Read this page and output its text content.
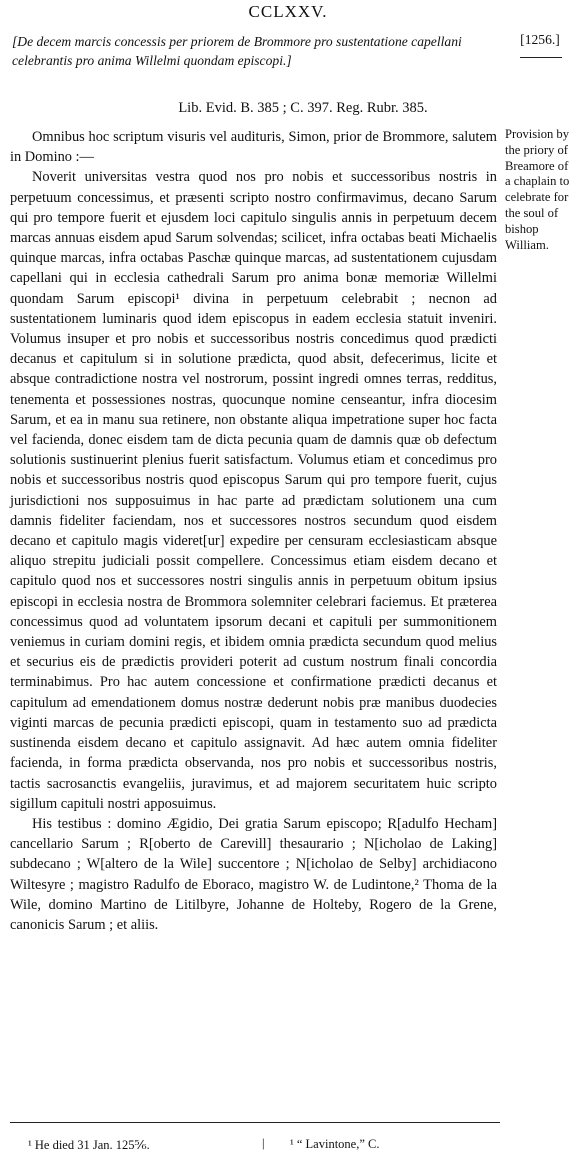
CCLXXV.
[De decem marcis concessis per priorem de Brommore pro sustentatione capellani celebrantis pro anima Willelmi quondam episcopi.]
[1256.]
Lib. Evid. B. 385 ; C. 397. Reg. Rubr. 385.

Omnibus hoc scriptum visuris vel audituris, Simon, prior de Brommore, salutem in Domino :—

Noverit universitas vestra quod nos pro nobis et successoribus nostris in perpetuum concessimus, et præsenti scripto nostro confirmavimus, decano Sarum qui pro tempore fuerit et ejusdem loci capitulo singulis annis in perpetuum decem marcas annuas eisdem apud Sarum solvendas; scilicet, infra octabas beati Michaelis quinque marcas, infra octabas Paschæ quinque marcas, ad sustentationem cujusdam capellani qui in ecclesia cathedrali Sarum pro anima bonæ memoriæ Willelmi quondam Sarum episcopi¹ divina in perpetuum celebrabit ; necnon ad sustentationem luminaris quod idem episcopus in eadem ecclesia statuit inveniri. Volumus insuper et pro nobis et successoribus nostris concedimus quod prædicti decanus et capitulum si in solutione prædicta, quod absit, defecerimus, licite et absque contradictione nostra vel nostrorum, possint ingredi omnes terras, redditus, tenementa et possessiones nostras, quocunque nomine censeantur, infra diocesim Sarum, et ea in manu sua retinere, non obstante aliqua impetratione super hoc facta vel facienda, donec eisdem tam de dicta pecunia quam de damnis quæ ob defectum solutionis sustinuerint plenius fuerit satisfactum. Volumus etiam et concedimus pro nobis et successoribus nostris quod episcopus Sarum qui pro tempore fuerit, cujus jurisdictioni nos supposuimus in hac parte ad prædictam solutionem una cum damnis fideliter faciendam, nos et successores nostros secundum quod eisdem decano et capitulo magis videret[ur] expedire per censuram ecclesiasticam absque aliquo strepitu judiciali possit compellere. Concessimus etiam eisdem decano et capitulo quod nos et successores nostri singulis annis in perpetuum obitum ipsius episcopi in ecclesia nostra de Brommora solemniter celebrari faciemus. Et præterea concessimus quod ad voluntatem ipsorum decani et capituli per summonitionem veniemus in curiam domini regis, et ibidem omnia prædicta secundum quod melius et securius eis de prædictis provideri poterit ad custum nostrum finali concordia terminabimus. Pro hac autem concessione et confirmatione prædicti decanus et capitulum ad emendationem domus nostræ dederunt nobis præ manibus duodecies viginti marcas de pecunia prædicti episcopi, quam in testamento suo ad prædicta sustinenda eisdem decano et capitulo assignavit. Ad hæc autem omnia fideliter facienda, in forma prædicta observanda, nos pro nobis et successoribus nostris, tactis sacrosanctis evangeliis, juravimus, et ad majorem securitatem huic scripto sigillum capituli nostri apposuimus.

His testibus : domino Ægidio, Dei gratia Sarum episcopo; R[adulfo Hecham] cancellario Sarum ; R[oberto de Carevill] thesaurario ; N[icholao de Laking] subdecano ; W[altero de la Wile] succentore ; N[icholao de Selby] archidiacono Wiltesyre ; magistro Radulfo de Eboraco, magistro W. de Ludintone,² Thoma de la Wile, domino Martino de Litilbyre, Johanne de Holteby, Rogero de la Grene, canonicis Sarum ; et aliis.

Provision by the priory of Breamore of a chaplain to celebrate for the soul of bishop William.
¹ He died 31 Jan. 125⅚.	| ¹ “ Lavintone,” C.
